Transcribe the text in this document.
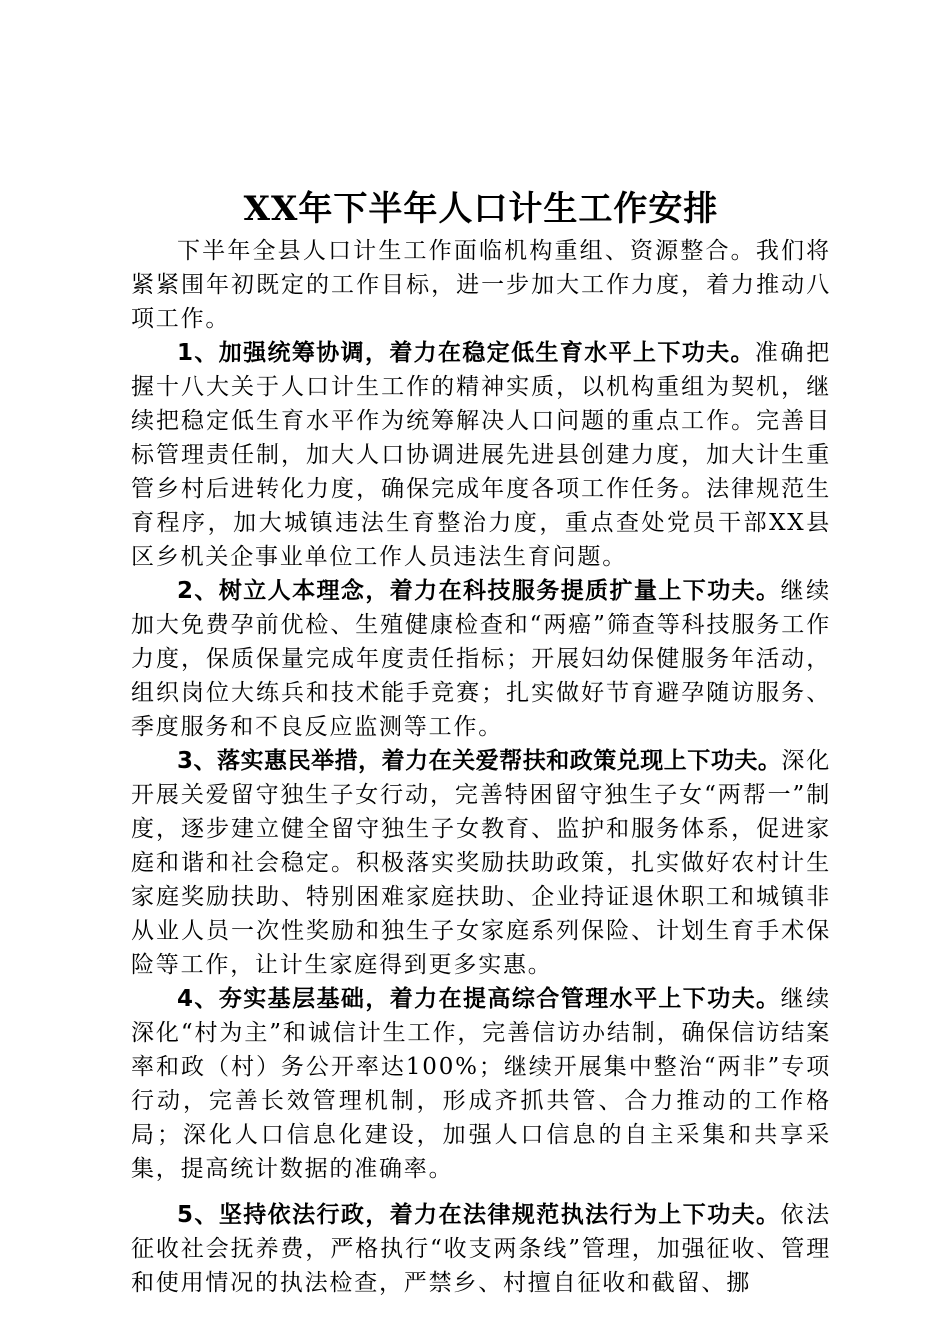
XX年下半年人口计生工作安排

下半年全县人口计生工作面临机构重组、资源整合。我们将紧紧围年初既定的工作目标，进一步加大工作力度，着力推动八项工作。

1、加强统筹协调，着力在稳定低生育水平上下功夫。准确把握十八大关于人口计生工作的精神实质，以机构重组为契机，继续把稳定低生育水平作为统筹解决人口问题的重点工作。完善目标管理责任制，加大人口协调进展先进县创建力度，加大计生重管乡村后进转化力度，确保完成年度各项工作任务。法律规范生育程序，加大城镇违法生育整治力度，重点查处党员干部XX县区乡机关企事业单位工作人员违法生育问题。

2、树立人本理念，着力在科技服务提质扩量上下功夫。继续加大免费孕前优检、生殖健康检查和“两癌”筛查等科技服务工作力度，保质保量完成年度责任指标；开展妇幼保健服务年活动，组织岗位大练兵和技术能手竞赛；扎实做好节育避孕随访服务、季度服务和不良反应监测等工作。

3、落实惠民举措，着力在关爱帮扶和政策兑现上下功夫。深化开展关爱留守独生子女行动，完善特困留守独生子女“两帮一”制度，逐步建立健全留守独生子女教育、监护和服务体系，促进家庭和谐和社会稳定。积极落实奖励扶助政策，扎实做好农村计生家庭奖励扶助、特别困难家庭扶助、企业持证退休职工和城镇非从业人员一次性奖励和独生子女家庭系列保险、计划生育手术保险等工作，让计生家庭得到更多实惠。

4、夯实基层基础，着力在提高综合管理水平上下功夫。继续深化“村为主”和诚信计生工作，完善信访办结制，确保信访结案率和政（村）务公开率达100%；继续开展集中整治“两非”专项行动，完善长效管理机制，形成齐抓共管、合力推动的工作格局；深化人口信息化建设，加强人口信息的自主采集和共享采集，提高统计数据的准确率。

5、坚持依法行政，着力在法律规范执法行为上下功夫。依法征收社会抚养费，严格执行“收支两条线”管理，加强征收、管理和使用情况的执法检查，严禁乡、村擅自征收和截留、挪
